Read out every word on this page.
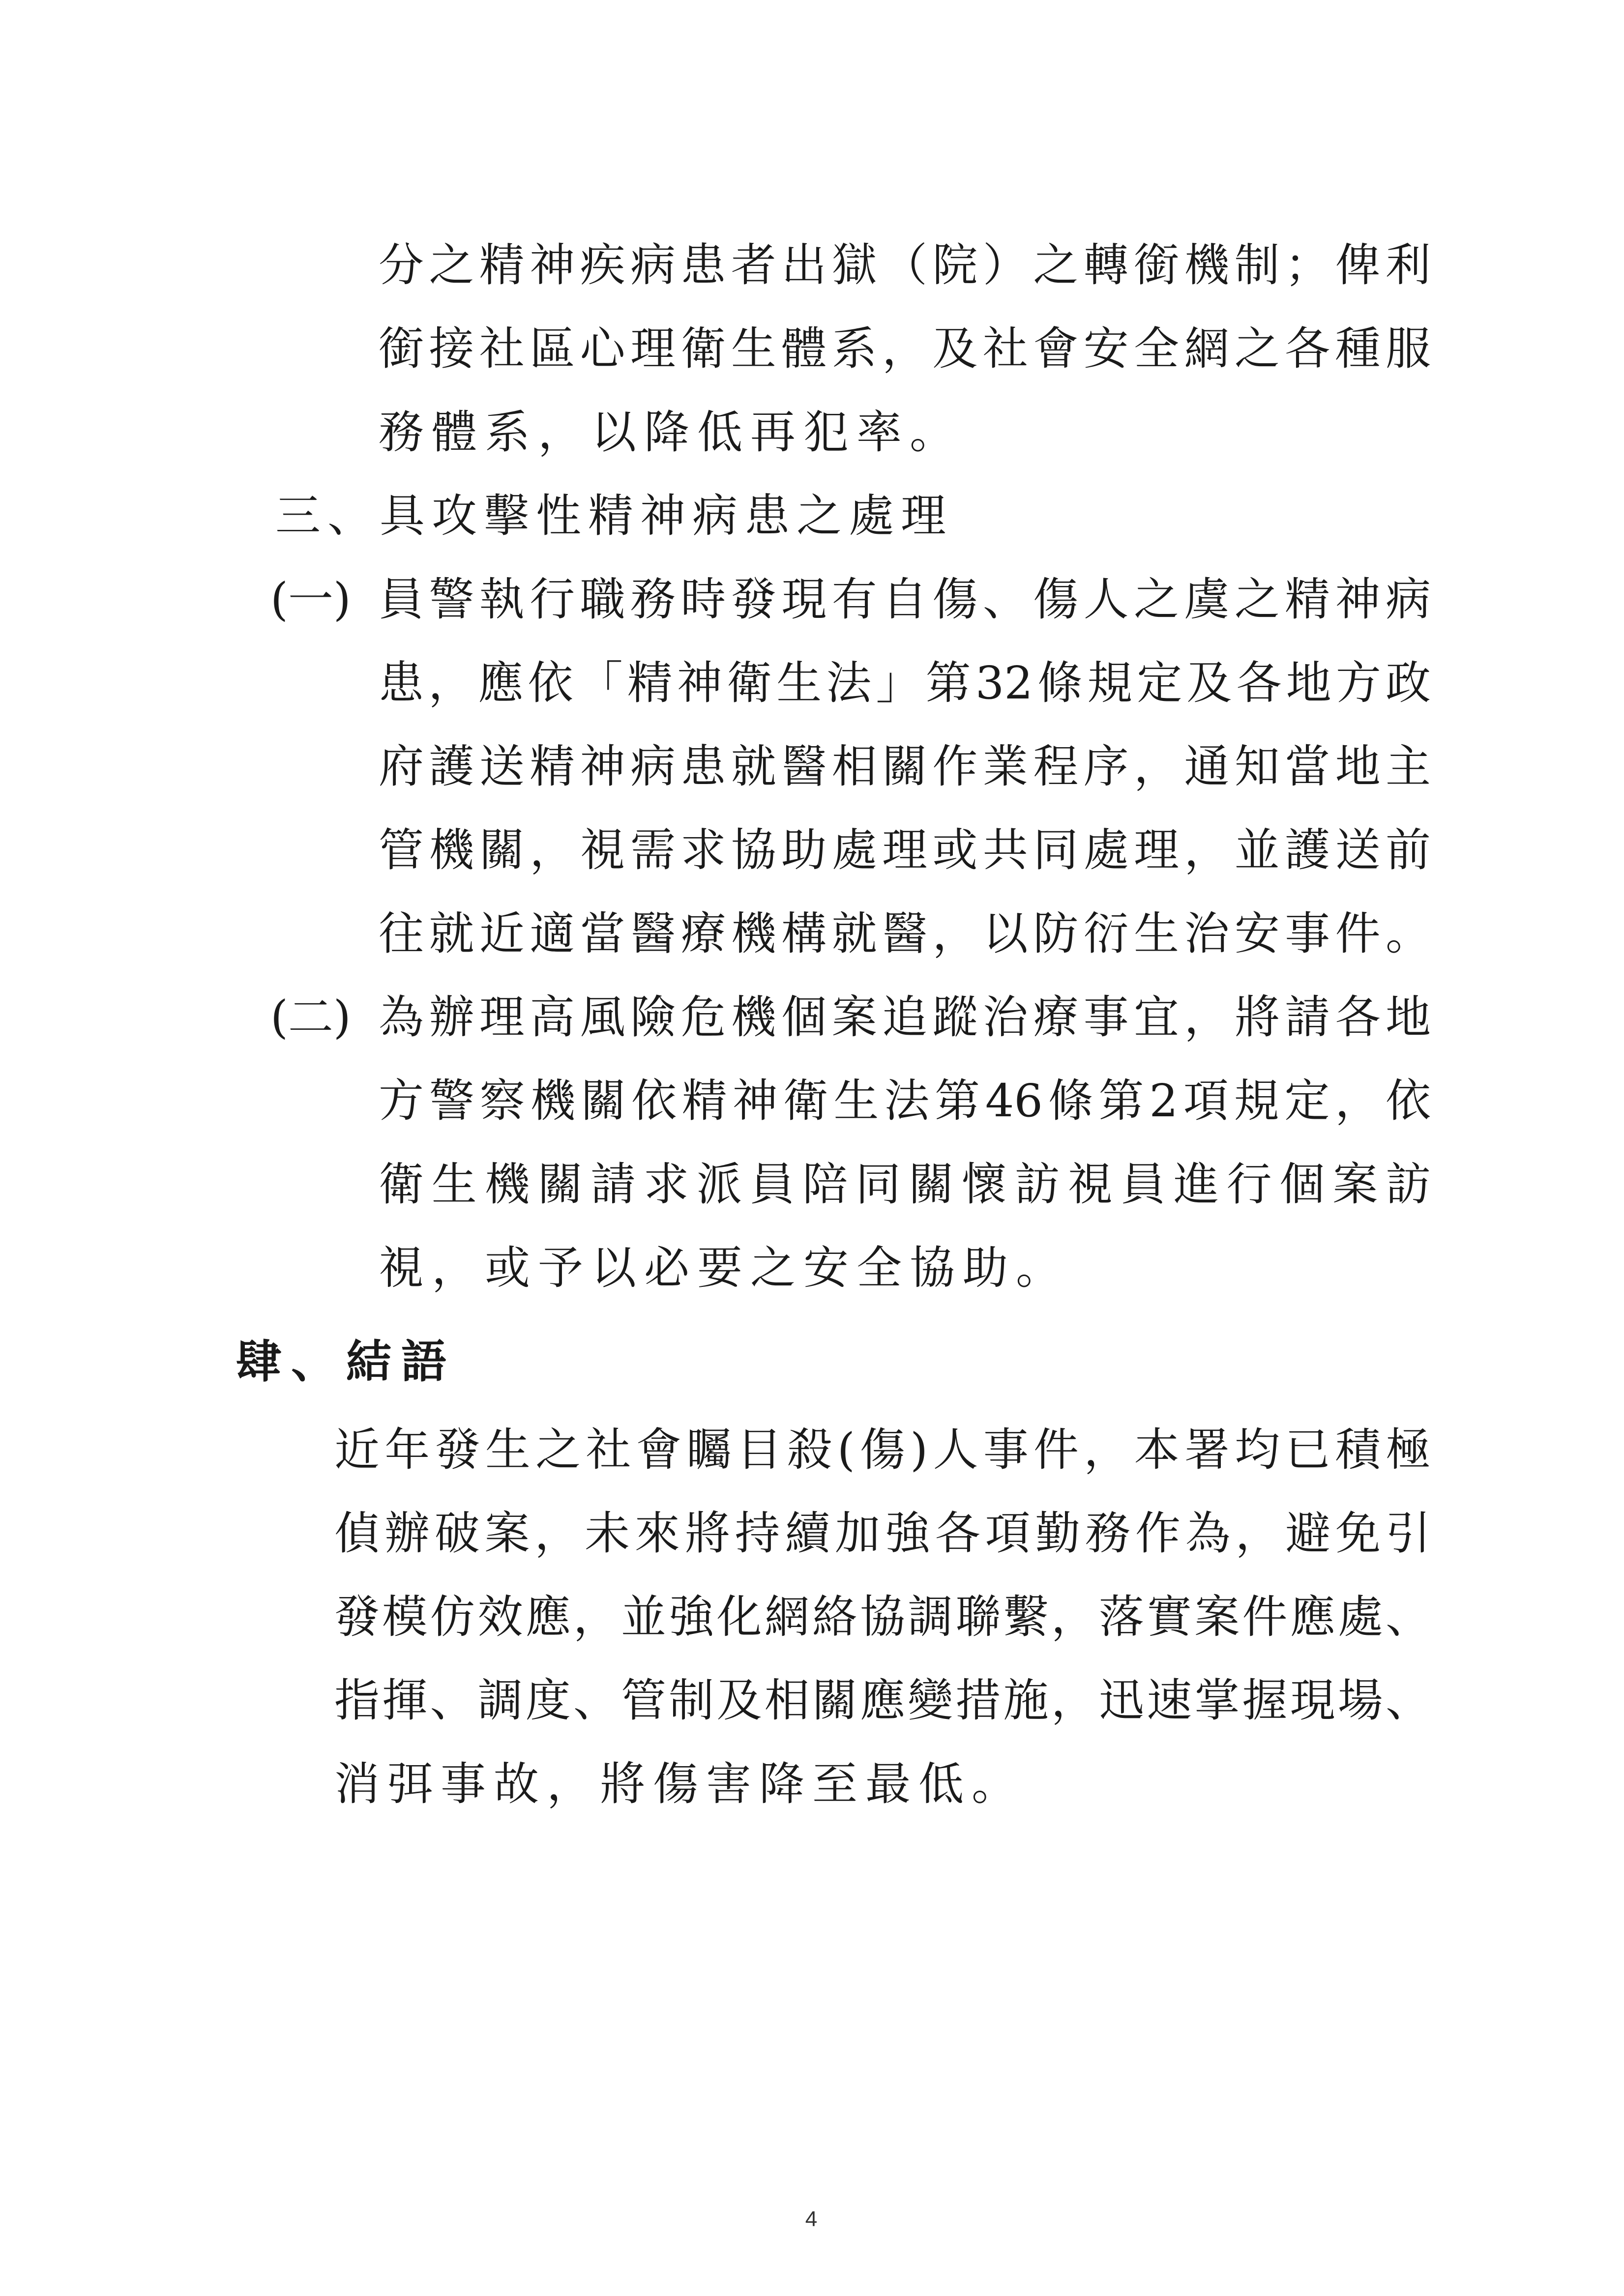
分之精神疾病患者出獄（院）之轉銜機制；俾利
銜接社區心理衛生體系，及社會安全網之各種服
務體系，以降低再犯率。
三、具攻擊性精神病患之處理
(一) 員警執行職務時發現有自傷、傷人之虞之精神病
患，應依「精神衛生法」第32條規定及各地方政
府護送精神病患就醫相關作業程序，通知當地主
管機關，視需求協助處理或共同處理，並護送前
往就近適當醫療機構就醫，以防衍生治安事件。
(二) 為辦理高風險危機個案追蹤治療事宜，將請各地
方警察機關依精神衛生法第46條第2項規定，依
衛生機關請求派員陪同關懷訪視員進行個案訪
視，或予以必要之安全協助。
肆、結語
近年發生之社會矚目殺(傷)人事件，本署均已積極
偵辦破案，未來將持續加強各項勤務作為，避免引
發模仿效應，並強化網絡協調聯繫，落實案件應處、
指揮、調度、管制及相關應變措施，迅速掌握現場、
消弭事故，將傷害降至最低。
4
